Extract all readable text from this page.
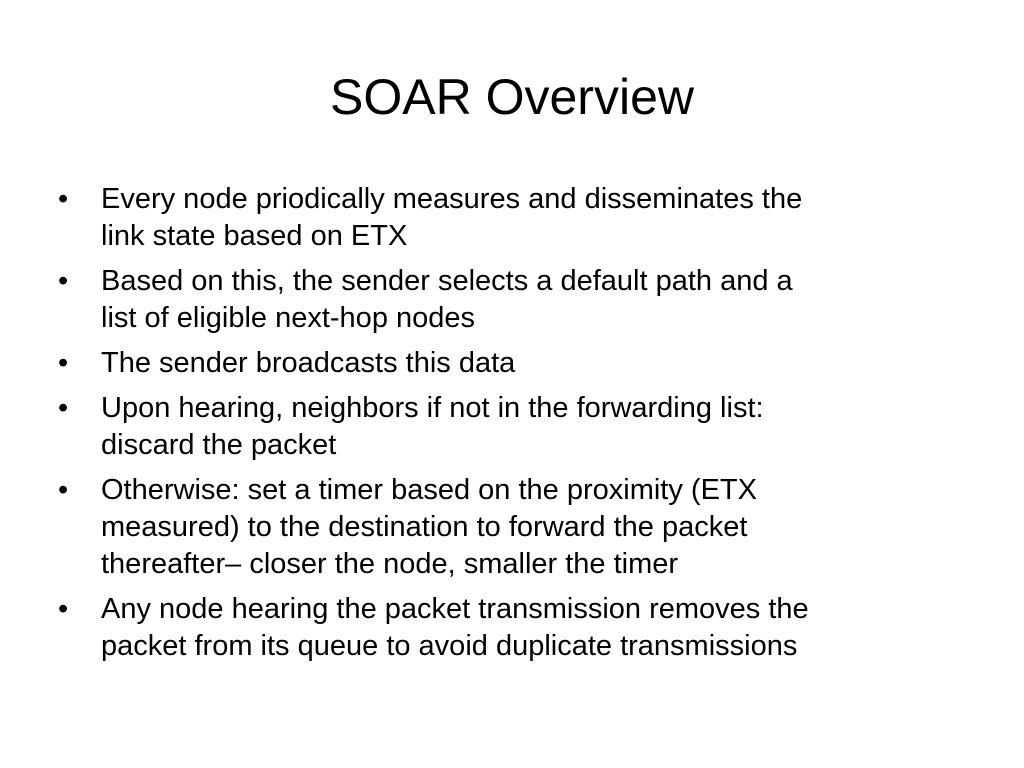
SOAR Overview
• Every node priodically measures and disseminates the
link state based on ETX
• Based on this, the sender selects a default path and a
list of eligible next-hop nodes
• The sender broadcasts this data
• Upon hearing, neighbors if not in the forwarding list:
discard the packet
• Otherwise: set a timer based on the proximity (ETX
measured) to the destination to forward the packet
thereafter– closer the node, smaller the timer
• Any node hearing the packet transmission removes the
packet from its queue to avoid duplicate transmissions
